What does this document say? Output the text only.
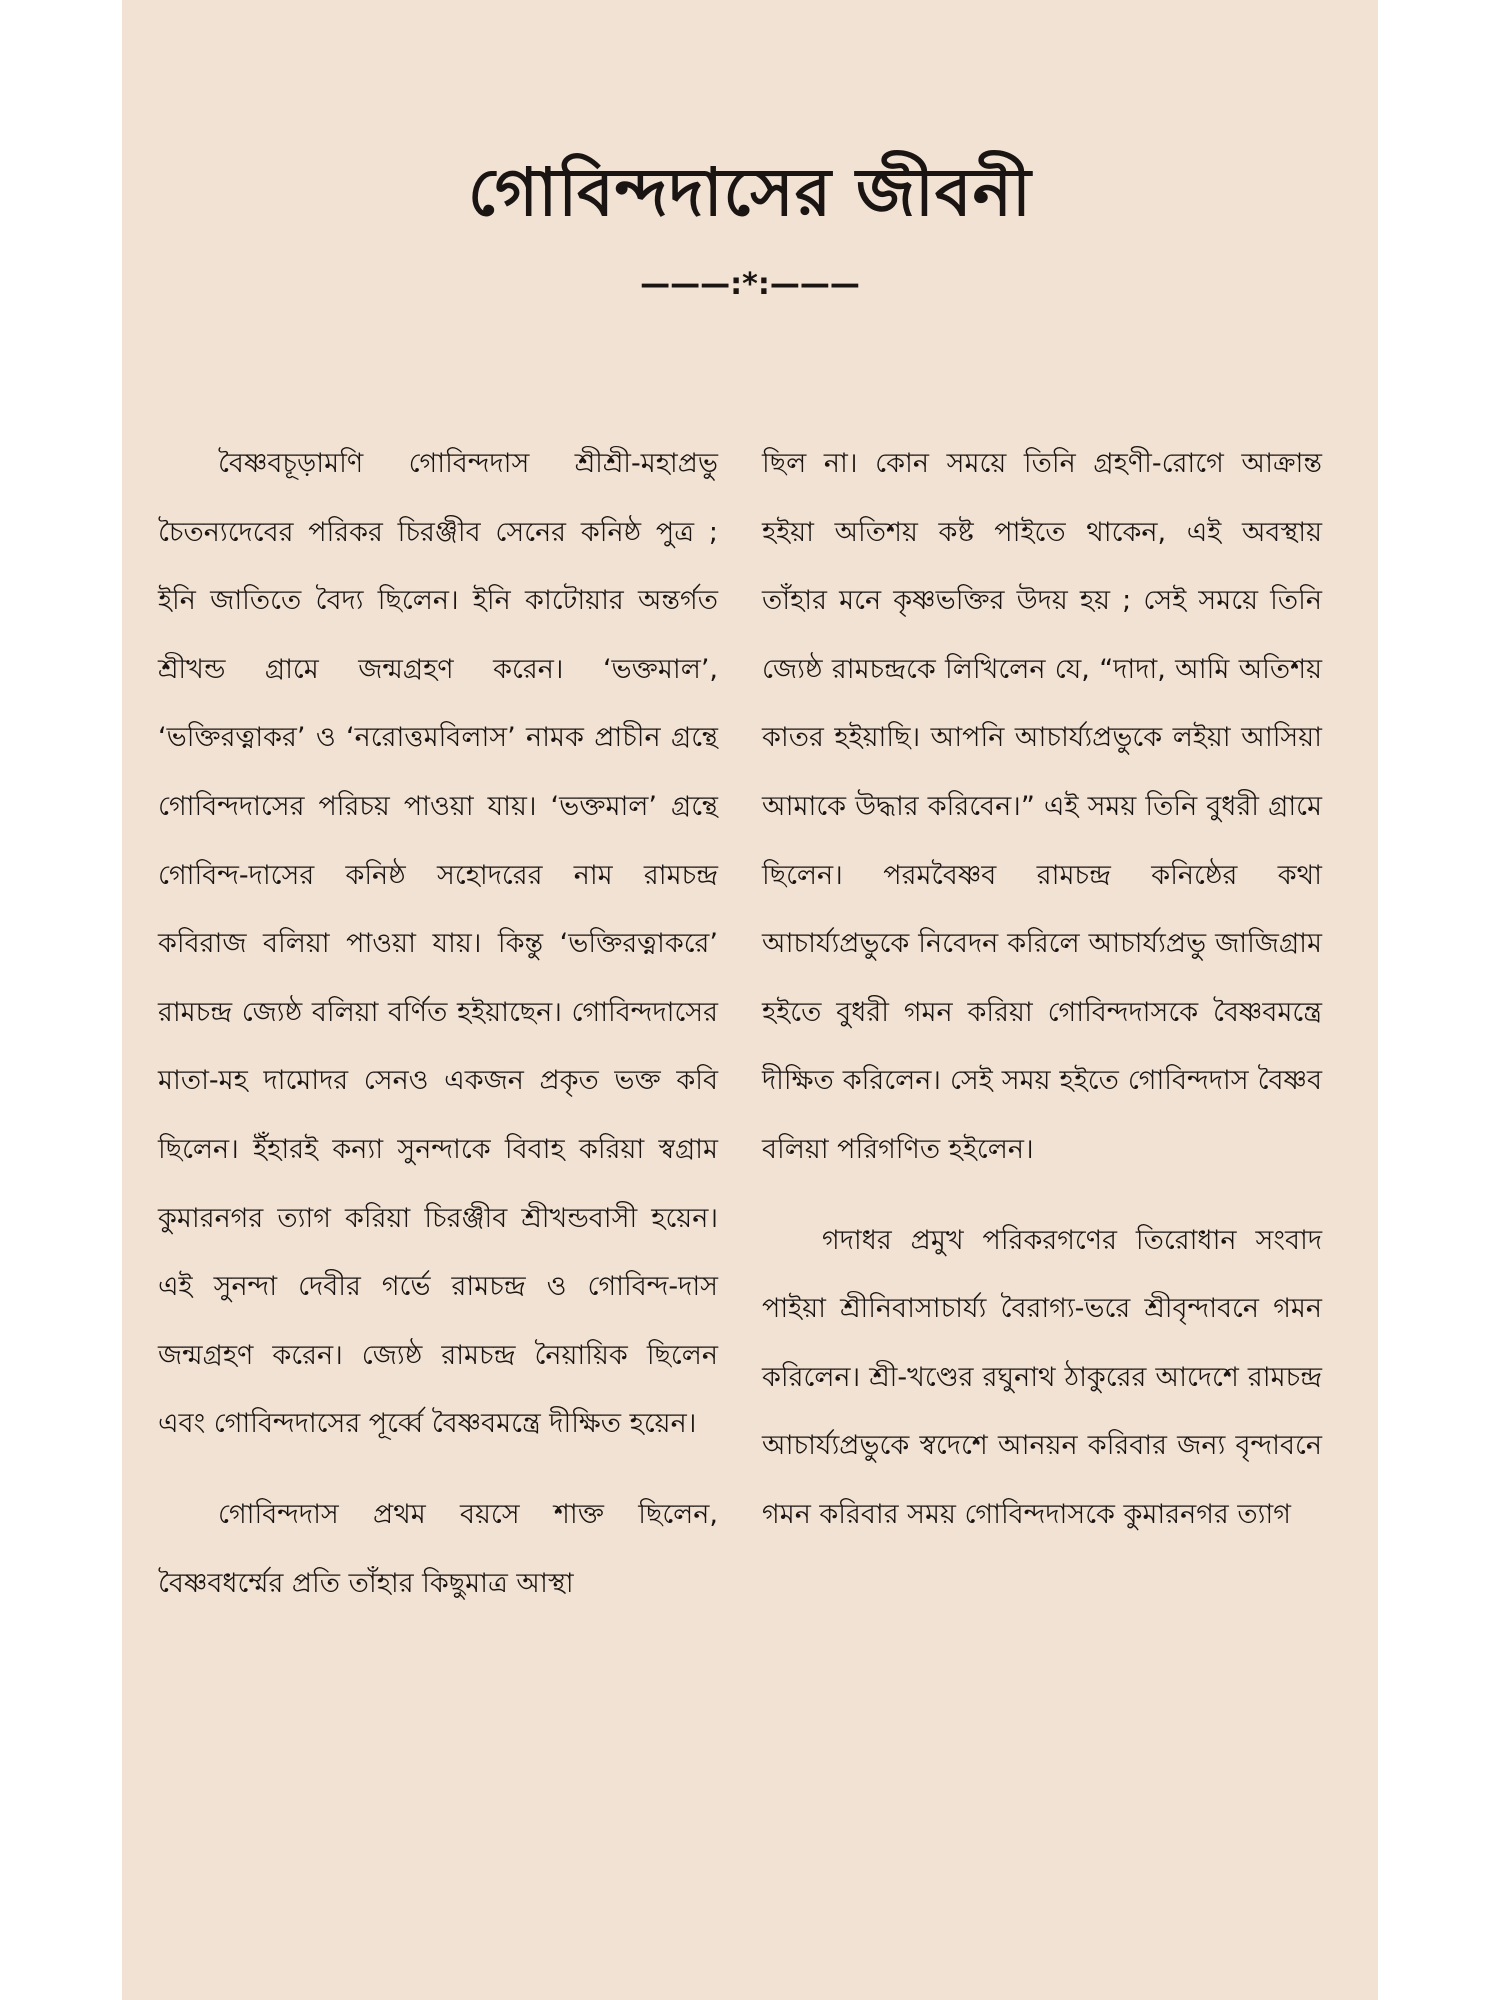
গোবিন্দদাসের জীবনী
———:*:———

বৈষ্ণবচূড়ামণি গোবিন্দদাস শ্রীশ্রী-মহাপ্রভু চৈতন্যদেবের পরিকর চিরঞ্জীব সেনের কনিষ্ঠ পুত্র ; ইনি জাতিতে বৈদ্য ছিলেন। ইনি কাটোয়ার অন্তর্গত শ্রীখন্ড গ্রামে জন্মগ্রহণ করেন। ‘ভক্তমাল’, ‘ভক্তিরত্নাকর’ ও ‘নরোত্তমবিলাস’ নামক প্রাচীন গ্রন্থে গোবিন্দদাসের পরিচয় পাওয়া যায়। ‘ভক্তমাল’ গ্রন্থে গোবিন্দ-দাসের কনিষ্ঠ সহোদরের নাম রামচন্দ্র কবিরাজ বলিয়া পাওয়া যায়। কিন্তু ‘ভক্তিরত্নাকরে’ রামচন্দ্র জ্যেষ্ঠ বলিয়া বর্ণিত হইয়াছেন। গোবিন্দদাসের মাতা-মহ দামোদর সেনও একজন প্রকৃত ভক্ত কবি ছিলেন। ইঁহারই কন্যা সুনন্দাকে বিবাহ করিয়া স্বগ্রাম কুমারনগর ত্যাগ করিয়া চিরঞ্জীব শ্রীখন্ডবাসী হয়েন। এই সুনন্দা দেবীর গর্ভে রামচন্দ্র ও গোবিন্দ-দাস জন্মগ্রহণ করেন। জ্যেষ্ঠ রামচন্দ্র নৈয়ায়িক ছিলেন এবং গোবিন্দদাসের পূর্ব্বে বৈষ্ণবমন্ত্রে দীক্ষিত হয়েন।

গোবিন্দদাস প্রথম বয়সে শাক্ত ছিলেন, বৈষ্ণবধর্ম্মের প্রতি তাঁহার কিছুমাত্র আস্থা

ছিল না। কোন সময়ে তিনি গ্রহণী-রোগে আক্রান্ত হইয়া অতিশয় কষ্ট পাইতে থাকেন, এই অবস্থায় তাঁহার মনে কৃষ্ণভক্তির উদয় হয় ; সেই সময়ে তিনি জ্যেষ্ঠ রামচন্দ্রকে লিখিলেন যে, “দাদা, আমি অতিশয় কাতর হইয়াছি। আপনি আচার্য্যপ্রভুকে লইয়া আসিয়া আমাকে উদ্ধার করিবেন।” এই সময় তিনি বুধরী গ্রামে ছিলেন। পরমবৈষ্ণব রামচন্দ্র কনিষ্ঠের কথা আচার্য্যপ্রভুকে নিবেদন করিলে আচার্য্যপ্রভু জাজিগ্রাম হইতে বুধরী গমন করিয়া গোবিন্দদাসকে বৈষ্ণবমন্ত্রে দীক্ষিত করিলেন। সেই সময় হইতে গোবিন্দদাস বৈষ্ণব বলিয়া পরিগণিত হইলেন।

গদাধর প্রমুখ পরিকরগণের তিরোধান সংবাদ পাইয়া শ্রীনিবাসাচার্য্য বৈরাগ্য-ভরে শ্রীবৃন্দাবনে গমন করিলেন। শ্রী-খণ্ডের রঘুনাথ ঠাকুরের আদেশে রামচন্দ্র আচার্য্যপ্রভুকে স্বদেশে আনয়ন করিবার জন্য বৃন্দাবনে গমন করিবার সময় গোবিন্দদাসকে কুমারনগর ত্যাগ
